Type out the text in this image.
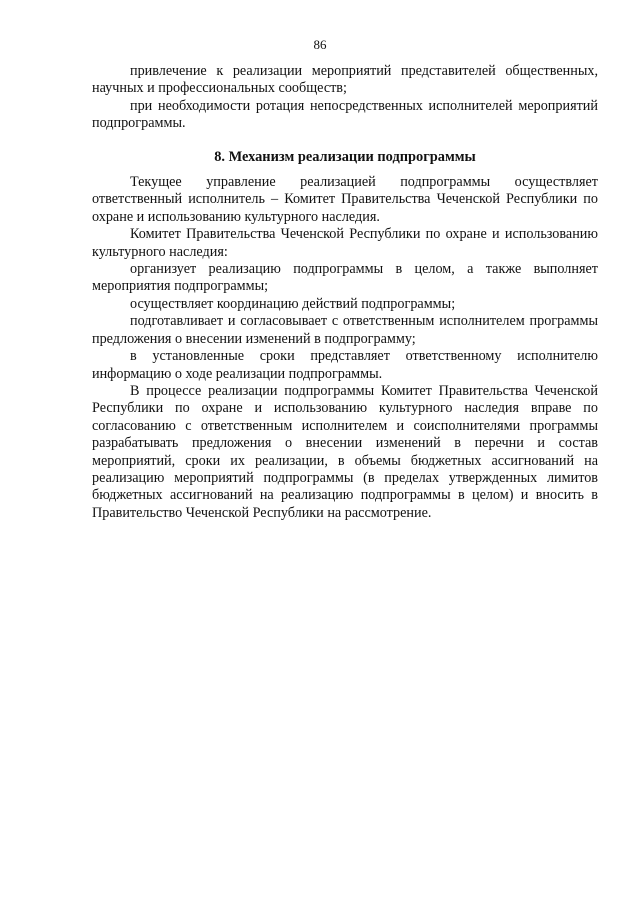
86

привлечение к реализации мероприятий представителей общественных, научных и профессиональных сообществ;

при необходимости ротация непосредственных исполнителей мероприятий подпрограммы.

8. Механизм реализации подпрограммы

Текущее управление реализацией подпрограммы осуществляет ответственный исполнитель – Комитет Правительства Чеченской Республики по охране и использованию культурного наследия.

Комитет Правительства Чеченской Республики по охране и использованию культурного наследия:

организует реализацию подпрограммы в целом, а также выполняет мероприятия подпрограммы;

осуществляет координацию действий подпрограммы;

подготавливает и согласовывает с ответственным исполнителем программы предложения о внесении изменений в подпрограмму;

в установленные сроки представляет ответственному исполнителю информацию о ходе реализации подпрограммы.

В процессе реализации подпрограммы Комитет Правительства Чеченской Республики по охране и использованию культурного наследия вправе по согласованию с ответственным исполнителем и соисполнителями программы разрабатывать предложения о внесении изменений в перечни и состав мероприятий, сроки их реализации, в объемы бюджетных ассигнований на реализацию мероприятий подпрограммы (в пределах утвержденных лимитов бюджетных ассигнований на реализацию подпрограммы в целом) и вносить в Правительство Чеченской Республики на рассмотрение.
